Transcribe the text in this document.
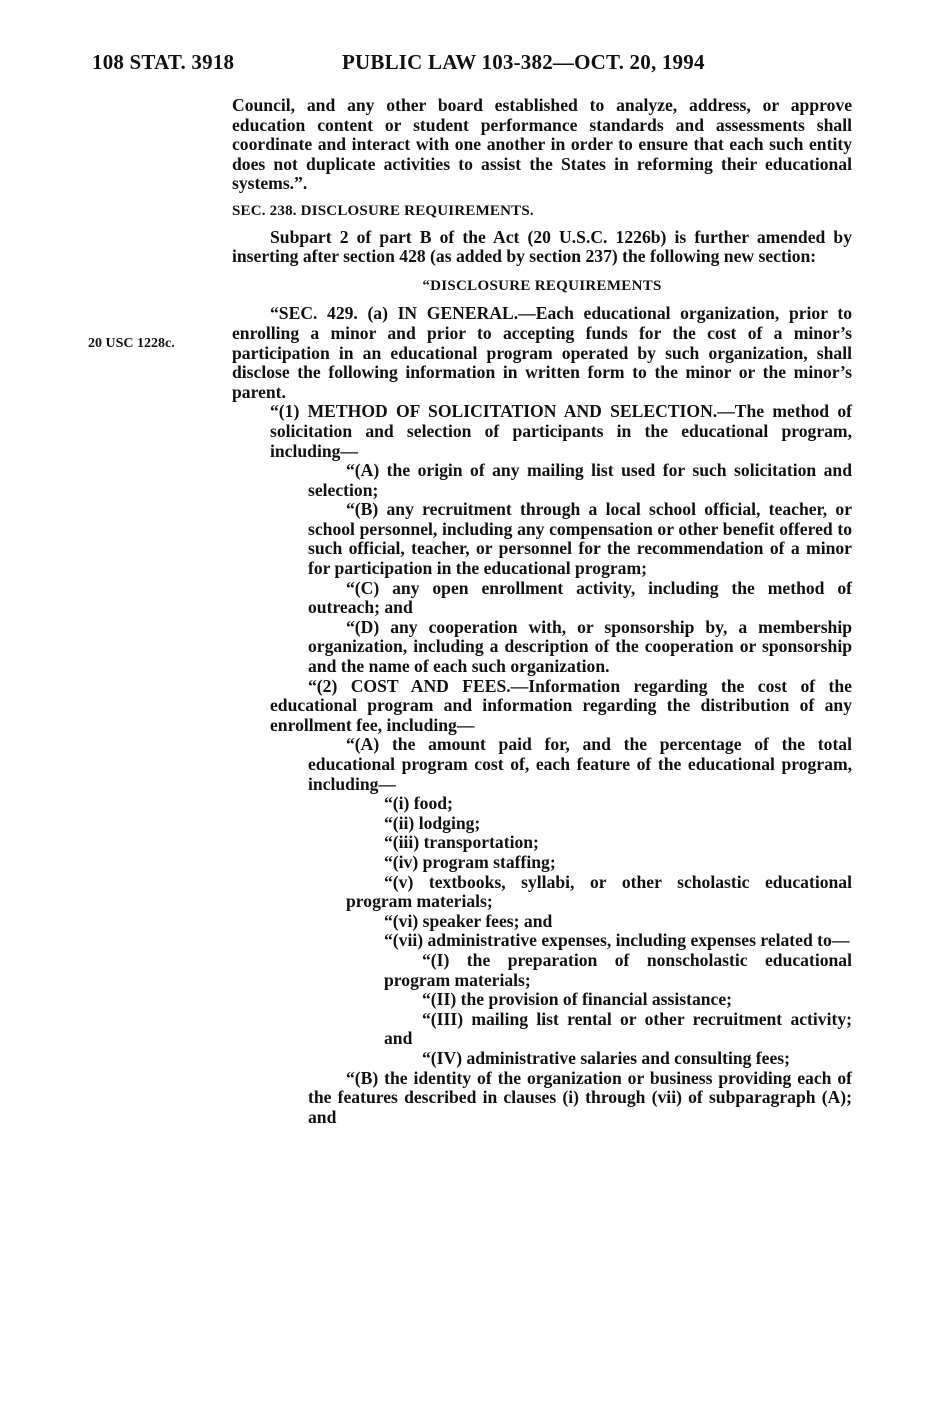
108 STAT. 3918	PUBLIC LAW 103-382—OCT. 20, 1994
20 USC 1228c.

Council, and any other board established to analyze, address, or approve education content or student performance standards and assessments shall coordinate and interact with one another in order to ensure that each such entity does not duplicate activities to assist the States in reforming their educational systems.”.

SEC. 238. DISCLOSURE REQUIREMENTS.

Subpart 2 of part B of the Act (20 U.S.C. 1226b) is further amended by inserting after section 428 (as added by section 237) the following new section:

“DISCLOSURE REQUIREMENTS

“SEC. 429. (a) IN GENERAL.—Each educational organization, prior to enrolling a minor and prior to accepting funds for the cost of a minor’s participation in an educational program operated by such organization, shall disclose the following information in written form to the minor or the minor’s parent.

“(1) METHOD OF SOLICITATION AND SELECTION.—The method of solicitation and selection of participants in the educational program, including—

“(A) the origin of any mailing list used for such solicitation and selection;

“(B) any recruitment through a local school official, teacher, or school personnel, including any compensation or other benefit offered to such official, teacher, or personnel for the recommendation of a minor for participation in the educational program;

“(C) any open enrollment activity, including the method of outreach; and

“(D) any cooperation with, or sponsorship by, a membership organization, including a description of the cooperation or sponsorship and the name of each such organization.

“(2) COST AND FEES.—Information regarding the cost of the educational program and information regarding the distribution of any enrollment fee, including—

“(A) the amount paid for, and the percentage of the total educational program cost of, each feature of the educational program, including—

“(i) food;

“(ii) lodging;

“(iii) transportation;

“(iv) program staffing;

“(v) textbooks, syllabi, or other scholastic educational program materials;

“(vi) speaker fees; and

“(vii) administrative expenses, including expenses related to—

“(I) the preparation of nonscholastic educational program materials;

“(II) the provision of financial assistance;

“(III) mailing list rental or other recruitment activity; and

“(IV) administrative salaries and consulting fees;

“(B) the identity of the organization or business providing each of the features described in clauses (i) through (vii) of subparagraph (A); and
